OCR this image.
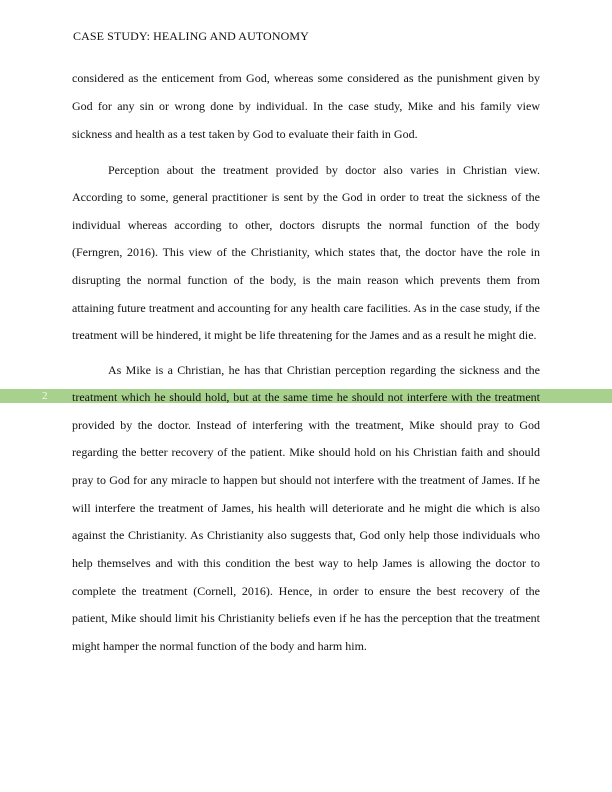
CASE STUDY: HEALING AND AUTONOMY
2
considered as the enticement from God, whereas some considered as the punishment given by
God for any sin or wrong done by individual. In the case study, Mike and his family view
sickness and health as a test taken by God to evaluate their faith in God.
Perception about the treatment provided by doctor also varies in Christian view.
According to some, general practitioner is sent by the God in order to treat the sickness of the
individual whereas according to other, doctors disrupts the normal function of the body
(Ferngren, 2016). This view of the Christianity, which states that, the doctor have the role in
disrupting the normal function of the body, is the main reason which prevents them from
attaining future treatment and accounting for any health care facilities. As in the case study, if the
treatment will be hindered, it might be life threatening for the James and as a result he might die.
As Mike is a Christian, he has that Christian perception regarding the sickness and the
treatment which he should hold, but at the same time he should not interfere with the treatment
provided by the doctor. Instead of interfering with the treatment, Mike should pray to God
regarding the better recovery of the patient. Mike should hold on his Christian faith and should
pray to God for any miracle to happen but should not interfere with the treatment of James. If he
will interfere the treatment of James, his health will deteriorate and he might die which is also
against the Christianity. As Christianity also suggests that, God only help those individuals who
help themselves and with this condition the best way to help James is allowing the doctor to
complete the treatment (Cornell, 2016). Hence, in order to ensure the best recovery of the
patient, Mike should limit his Christianity beliefs even if he has the perception that the treatment
might hamper the normal function of the body and harm him.
